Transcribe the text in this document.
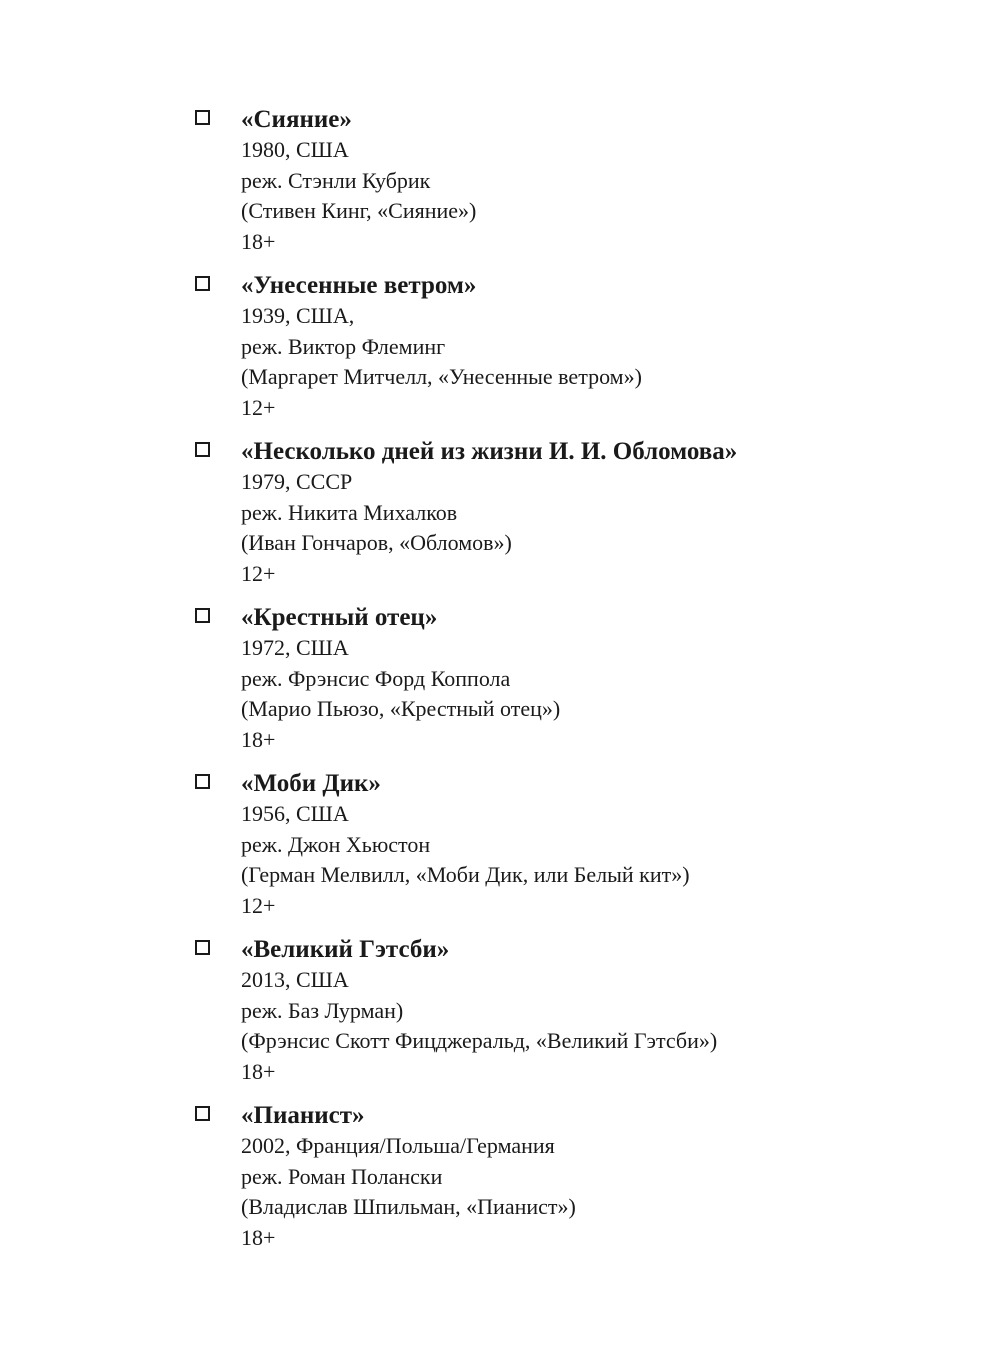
«Сияние»
1980, США
реж. Стэнли Кубрик
(Стивен Кинг, «Сияние»)
18+
«Унесенные ветром»
1939, США,
реж. Виктор Флеминг
(Маргарет Митчелл, «Унесенные ветром»)
12+
«Несколько дней из жизни И. И. Обломова»
1979, СССР
реж. Никита Михалков
(Иван Гончаров, «Обломов»)
12+
«Крестный отец»
1972, США
реж. Фрэнсис Форд Коппола
(Марио Пьюзо, «Крестный отец»)
18+
«Моби Дик»
1956, США
реж. Джон Хьюстон
(Герман Мелвилл, «Моби Дик, или Белый кит»)
12+
«Великий Гэтсби»
2013, США
реж. Баз Лурман)
(Фрэнсис Скотт Фицджеральд, «Великий Гэтсби»)
18+
«Пианист»
2002, Франция/Польша/Германия
реж. Роман Полански
(Владислав Шпильман, «Пианист»)
18+
